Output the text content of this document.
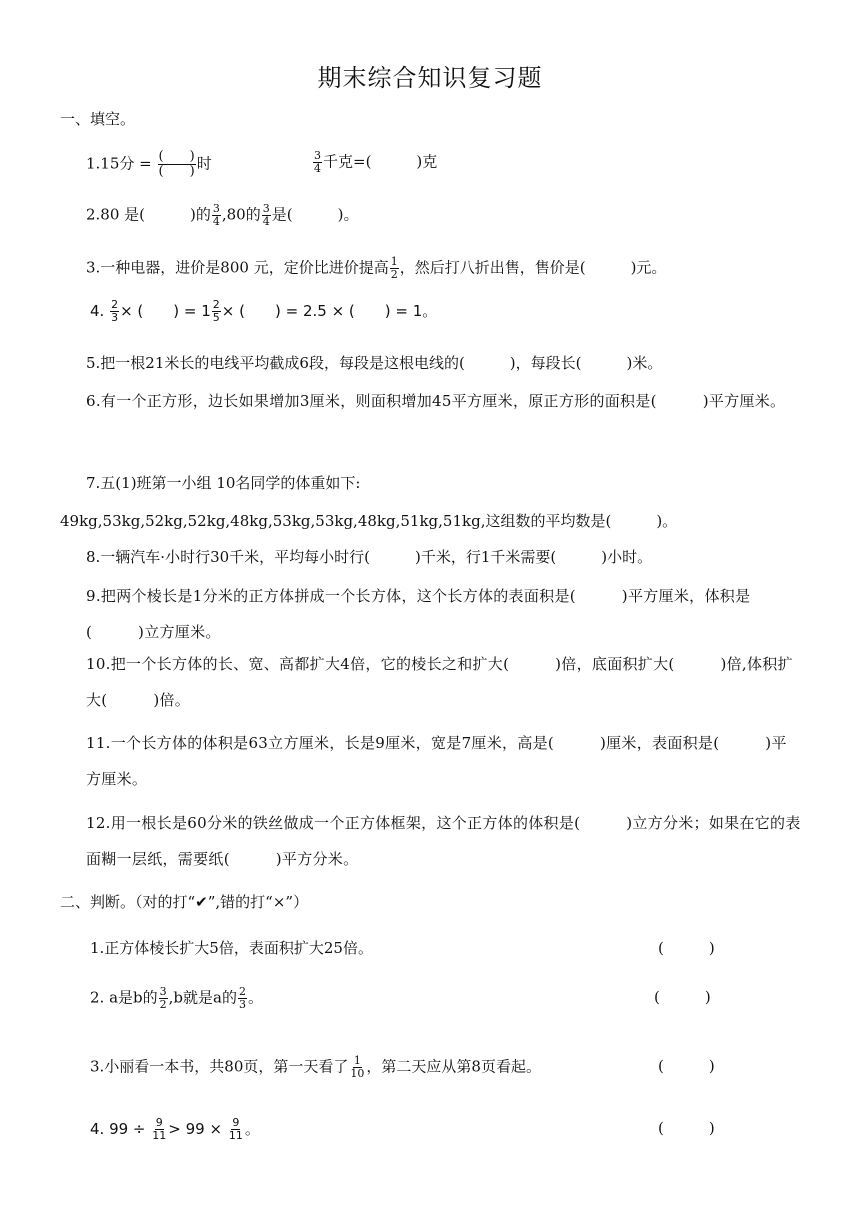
期末综合知识复习题
一、填空。
1.15分 = $\frac{( )}{( )}$ 时	$\frac{3}{4}$ 千克=(　　　)克
2.80 是(　　　)的 $\frac{3}{4} ,80$的 $\frac{3}{4}$ 是(　　　)。
3.一种电器，进价是800 元，定价比进价提高 $\frac{1}{2}$ ，然后打八折出售，售价是(　　　)元。
4. $\frac{2}{3}$ × (　　) = $1 \frac{2}{5}$ × (　　) = 2.5 × (　　) = 1。
5.把一根21米长的电线平均截成6段，每段是这根电线的(　　　)，每段长(　　　)米。
6.有一个正方形，边长如果增加3厘米，则面积增加45平方厘米，原正方形的面积是(　　　)平方厘米。
7.五(1)班第一小组 10名同学的体重如下:
49kg,53kg,52kg,52kg,48kg,53kg,53kg,48kg,51kg,51kg,这组数的平均数是(　　　)。
8.一辆汽车·小时行30千米，平均每小时行(　　　)千米，行1千米需要(　　　)小时。
9.把两个棱长是1分米的正方体拼成一个长方体，这个长方体的表面积是(　　　)平方厘米，体积是(　　　)立方厘米。
10.把一个长方体的长、宽、高都扩大4倍，它的棱长之和扩大(　　　)倍，底面积扩大(　　　)倍,体积扩大(　　　)倍。
11.一个长方体的体积是63立方厘米，长是9厘米，宽是7厘米，高是(　　　)厘米，表面积是(　　　)平方厘米。
12.用一根长是60分米的铁丝做成一个正方体框架，这个正方体的体积是(　　　)立方分米；如果在它的表面糊一层纸，需要纸(　　　)平方分米。
二、判断。（对的打“✔”,错的打“×”）
1.正方体棱长扩大5倍，表面积扩大25倍。	(　　　)
2. a是b的 $\frac{3}{2} ,b$就是a的 $\frac{2}{3}$ 。	(　　　)
3.小丽看一本书，共80页，第一天看了 $\frac{1}{10}$ ，第二天应从第8页看起。	(　　　)
4. $99 \div \frac{9}{11} > 99 \times \frac{9}{11}$ 。	(　　　)
